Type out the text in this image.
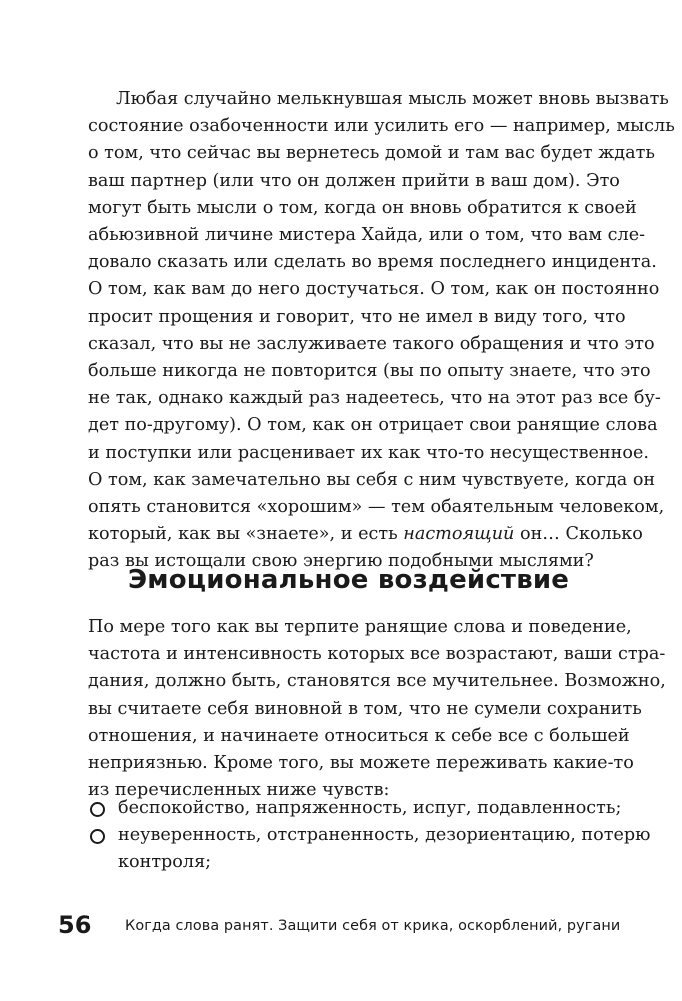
Любая случайно мелькнувшая мысль может вновь вызвать
состояние озабоченности или усилить его — например, мысль
о том, что сейчас вы вернетесь домой и там вас будет ждать
ваш партнер (или что он должен прийти в ваш дом). Это
могут быть мысли о том, когда он вновь обратится к своей
абьюзивной личине мистера Хайда, или о том, что вам сле-
довало сказать или сделать во время последнего инцидента.
О том, как вам до него достучаться. О том, как он постоянно
просит прощения и говорит, что не имел в виду того, что
сказал, что вы не заслуживаете такого обращения и что это
больше никогда не повторится (вы по опыту знаете, что это
не так, однако каждый раз надеетесь, что на этот раз все бу-
дет по-другому). О том, как он отрицает свои ранящие слова
и поступки или расценивает их как что-то несущественное.
О том, как замечательно вы себя с ним чувствуете, когда он
опять становится «хорошим» — тем обаятельным человеком,
который, как вы «знаете», и есть настоящий он… Сколько
раз вы истощали свою энергию подобными мыслями?
Эмоциональное воздействие
По мере того как вы терпите ранящие слова и поведение,
частота и интенсивность которых все возрастают, ваши стра-
дания, должно быть, становятся все мучительнее. Возможно,
вы считаете себя виновной в том, что не сумели сохранить
отношения, и начинаете относиться к себе все с большей
неприязнью. Кроме того, вы можете переживать какие-то
из перечисленных ниже чувств:
беспокойство, напряженность, испуг, подавленность;
неуверенность, отстраненность, дезориентацию, потерю
контроля;
56 Когда слова ранят. Защити себя от крика, оскорблений, ругани
